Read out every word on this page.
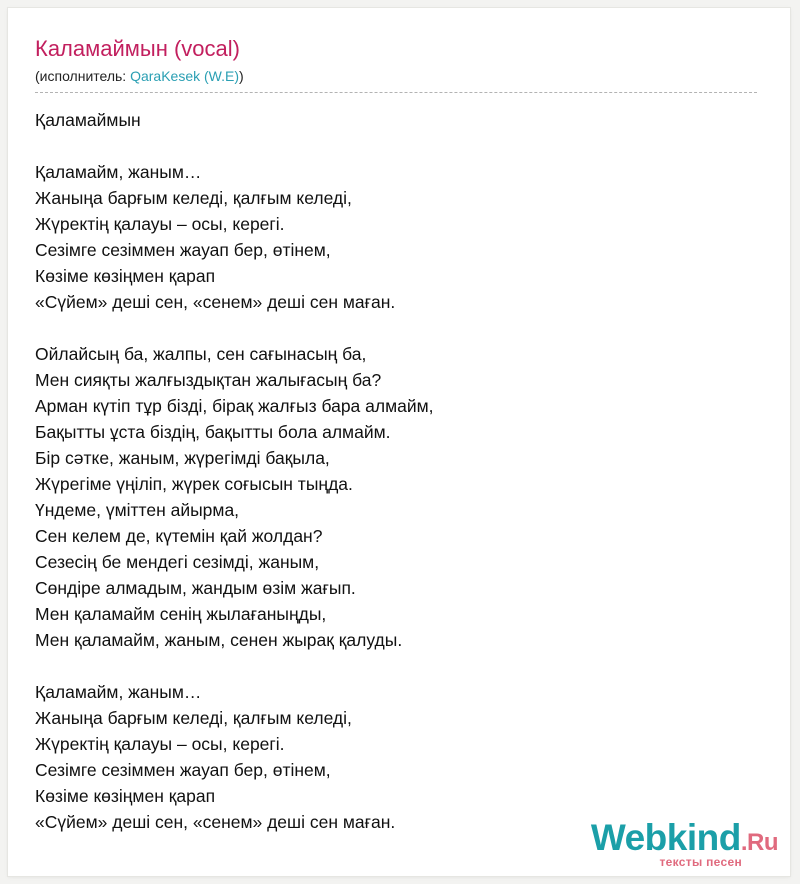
Каламаймын (vocal)
(исполнитель: QaraKesek (W.E))
Қаламаймын
Қаламайм, жаным…
Жаныңа барғым келеді, қалғым келеді,
Жүректің қалауы – осы, керегі.
Сезімге сезіммен жауап бер, өтінем,
Көзіме көзіңмен қарап
«Сүйем» деші сен, «сенем» деші сен маған.
Ойлайсың ба, жалпы, сен сағынасың ба,
Мен сияқты жалғыздықтан жалығасың ба?
Арман күтіп тұр бізді, бірақ жалғыз бара алмайм,
Бақытты ұста біздің, бақытты бола алмайм.
Бір сәтке, жаным, жүрегімді бақыла,
Жүрегіме үңіліп, жүрек соғысын тыңда.
Үндеме, үміттен айырма,
Сен келем де, күтемін қай жолдан?
Сезесің бе мендегі сезімді, жаным,
Сөндіре алмадым, жандым өзім жағып.
Мен қаламайм сенің жылағаныңды,
Мен қаламайм, жаным, сенен жырақ қалуды.
Қаламайм, жаным…
Жаныңа барғым келеді, қалғым келеді,
Жүректің қалауы – осы, керегі.
Сезімге сезіммен жауап бер, өтінем,
Көзіме көзіңмен қарап
«Сүйем» деші сен, «сенем» деші сен маған.	Webkind.Ru
тексты песен
